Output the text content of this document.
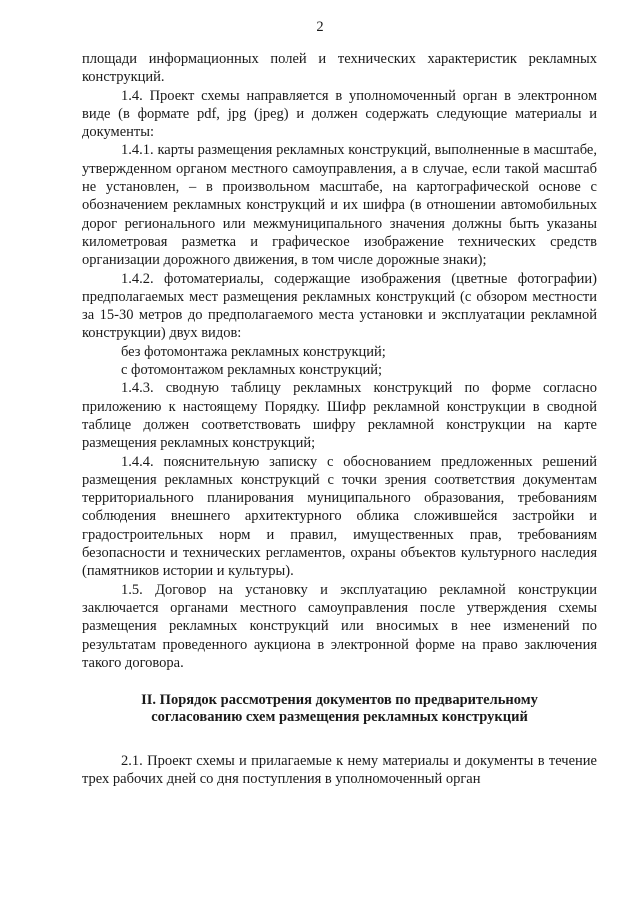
2

площади информационных полей и технических характеристик рекламных конструкций.

1.4. Проект схемы направляется в уполномоченный орган в электронном виде (в формате pdf, jpg (jpeg) и должен содержать следующие материалы и документы:

1.4.1. карты размещения рекламных конструкций, выполненные в масштабе, утвержденном органом местного самоуправления, а в случае, если такой масштаб не установлен, – в произвольном масштабе, на картографической основе с обозначением рекламных конструкций и их шифра (в отношении автомобильных дорог регионального или межмуниципального значения должны быть указаны километровая разметка и графическое изображение технических средств организации дорожного движения, в том числе дорожные знаки);

1.4.2. фотоматериалы, содержащие изображения (цветные фотографии) предполагаемых мест размещения рекламных конструкций (с обзором местности за 15-30 метров до предполагаемого места установки и эксплуатации рекламной конструкции) двух видов:

без фотомонтажа рекламных конструкций;

с фотомонтажом рекламных конструкций;

1.4.3. сводную таблицу рекламных конструкций по форме согласно приложению к настоящему Порядку. Шифр рекламной конструкции в сводной таблице должен соответствовать шифру рекламной конструкции на карте размещения рекламных конструкций;

1.4.4. пояснительную записку с обоснованием предложенных решений размещения рекламных конструкций с точки зрения соответствия документам территориального планирования муниципального образования, требованиям соблюдения внешнего архитектурного облика сложившейся застройки и градостроительных норм и правил, имущественных прав, требованиям безопасности и технических регламентов, охраны объектов культурного наследия (памятников истории и культуры).

1.5. Договор на установку и эксплуатацию рекламной конструкции заключается органами местного самоуправления после утверждения схемы размещения рекламных конструкций или вносимых в нее изменений по результатам проведенного аукциона в электронной форме на право заключения такого договора.

II. Порядок рассмотрения документов по предварительному
согласованию схем размещения рекламных конструкций

2.1. Проект схемы и прилагаемые к нему материалы и документы в течение трех рабочих дней со дня поступления в уполномоченный орган
